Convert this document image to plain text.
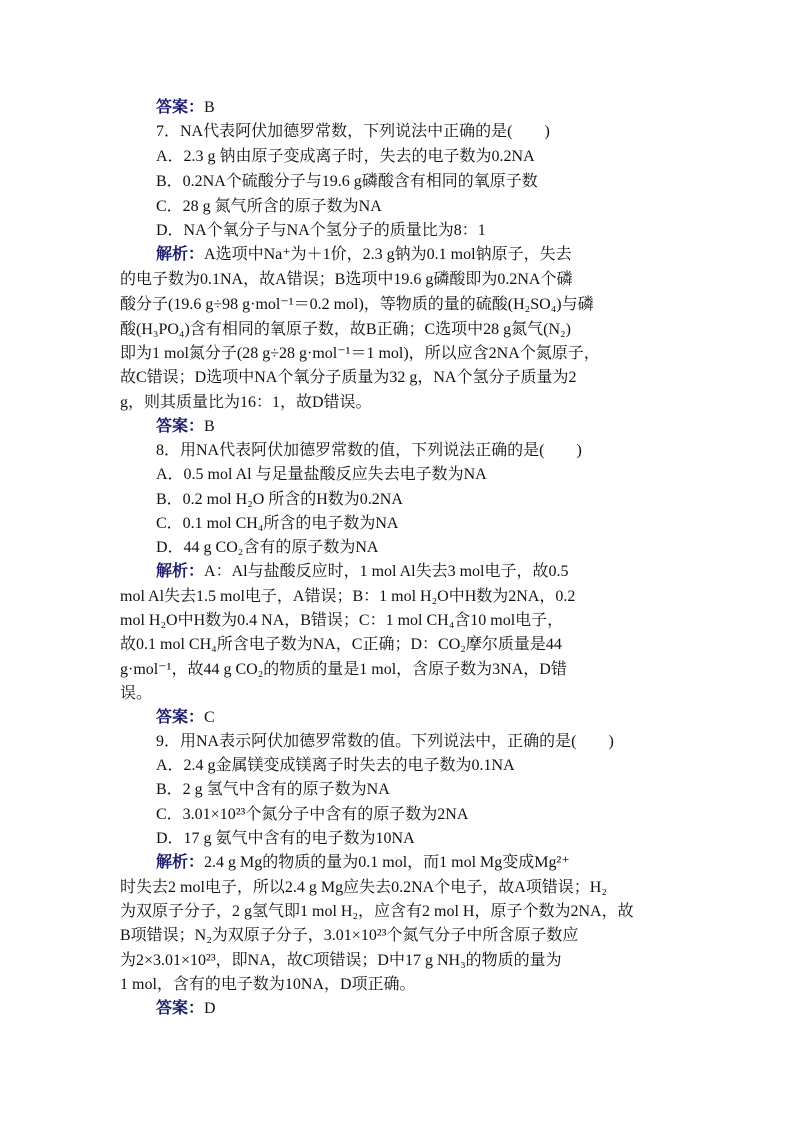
答案：B
7．NA代表阿伏加德罗常数，下列说法中正确的是(　　)
A．2.3 g 钠由原子变成离子时，失去的电子数为0.2NA
B．0.2NA个硫酸分子与19.6 g磷酸含有相同的氧原子数
C．28 g 氮气所含的原子数为NA
D．NA个氧分子与NA个氢分子的质量比为8：1
解析：A选项中Na⁺为＋1价，2.3 g钠为0.1 mol钠原子，失去
的电子数为0.1NA，故A错误；B选项中19.6 g磷酸即为0.2NA个磷
酸分子(19.6 g÷98 g·mol⁻¹＝0.2 mol)，等物质的量的硫酸(H₂SO₄)与磷
酸(H₃PO₄)含有相同的氧原子数，故B正确；C选项中28 g氮气(N₂)
即为1 mol氮分子(28 g÷28 g·mol⁻¹＝1 mol)，所以应含2NA个氮原子，
故C错误；D选项中NA个氧分子质量为32 g，NA个氢分子质量为2
g，则其质量比为16：1，故D错误。
答案：B
8．用NA代表阿伏加德罗常数的值，下列说法正确的是(　　)
A．0.5 mol Al 与足量盐酸反应失去电子数为NA
B．0.2 mol H₂O 所含的H数为0.2NA
C．0.1 mol CH₄所含的电子数为NA
D．44 g CO₂含有的原子数为NA
解析：A：Al与盐酸反应时，1 mol Al失去3 mol电子，故0.5
mol Al失去1.5 mol电子，A错误；B：1 mol H₂O中H数为2NA，0.2
mol H₂O中H数为0.4 NA，B错误；C：1 mol CH₄含10 mol电子，
故0.1 mol CH₄所含电子数为NA，C正确；D：CO₂摩尔质量是44
g·mol⁻¹，故44 g CO₂的物质的量是1 mol，含原子数为3NA，D错
误。
答案：C
9．用NA表示阿伏加德罗常数的值。下列说法中，正确的是(　　)
A．2.4 g金属镁变成镁离子时失去的电子数为0.1NA
B．2 g 氢气中含有的原子数为NA
C．3.01×10²³个氮分子中含有的原子数为2NA
D．17 g 氨气中含有的电子数为10NA
解析：2.4 g Mg的物质的量为0.1 mol，而1 mol Mg变成Mg²⁺
时失去2 mol电子，所以2.4 g Mg应失去0.2NA个电子，故A项错误；H₂
为双原子分子，2 g氢气即1 mol H₂，应含有2 mol H，原子个数为2NA，故
B项错误；N₂为双原子分子，3.01×10²³个氮气分子中所含原子数应
为2×3.01×10²³，即NA，故C项错误；D中17 g NH₃的物质的量为
1 mol，含有的电子数为10NA，D项正确。
答案：D
